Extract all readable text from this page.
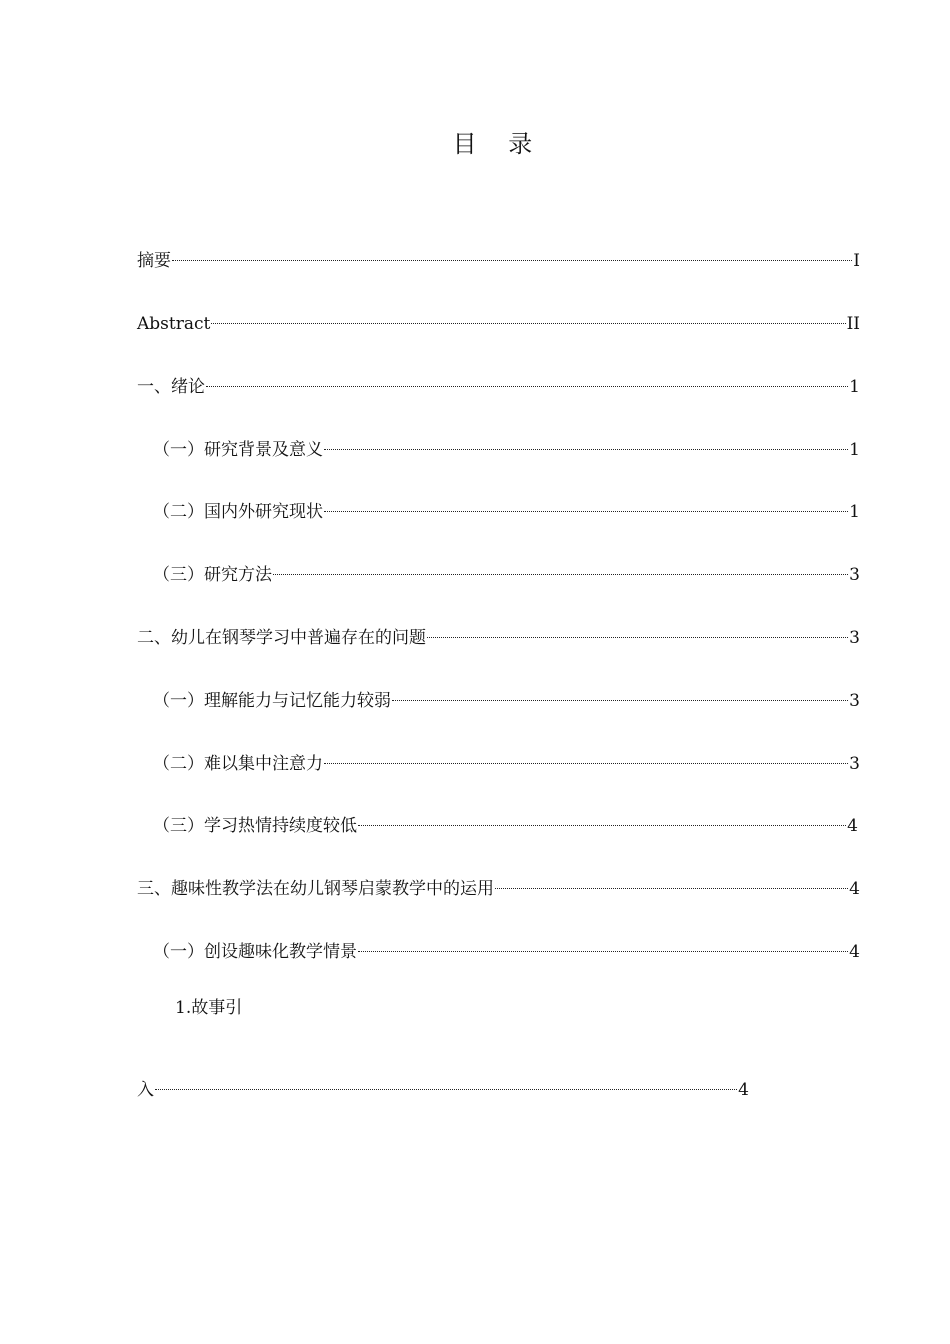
目 录
摘要	I
Abstract	II
一、绪论	1
（一）研究背景及意义	1
（二）国内外研究现状	1
（三）研究方法	3
二、幼儿在钢琴学习中普遍存在的问题	3
（一）理解能力与记忆能力较弱	3
（二）难以集中注意力	3
（三）学习热情持续度较低	4
三、趣味性教学法在幼儿钢琴启蒙教学中的运用	4
（一）创设趣味化教学情景	4
1.故事引
入	4
